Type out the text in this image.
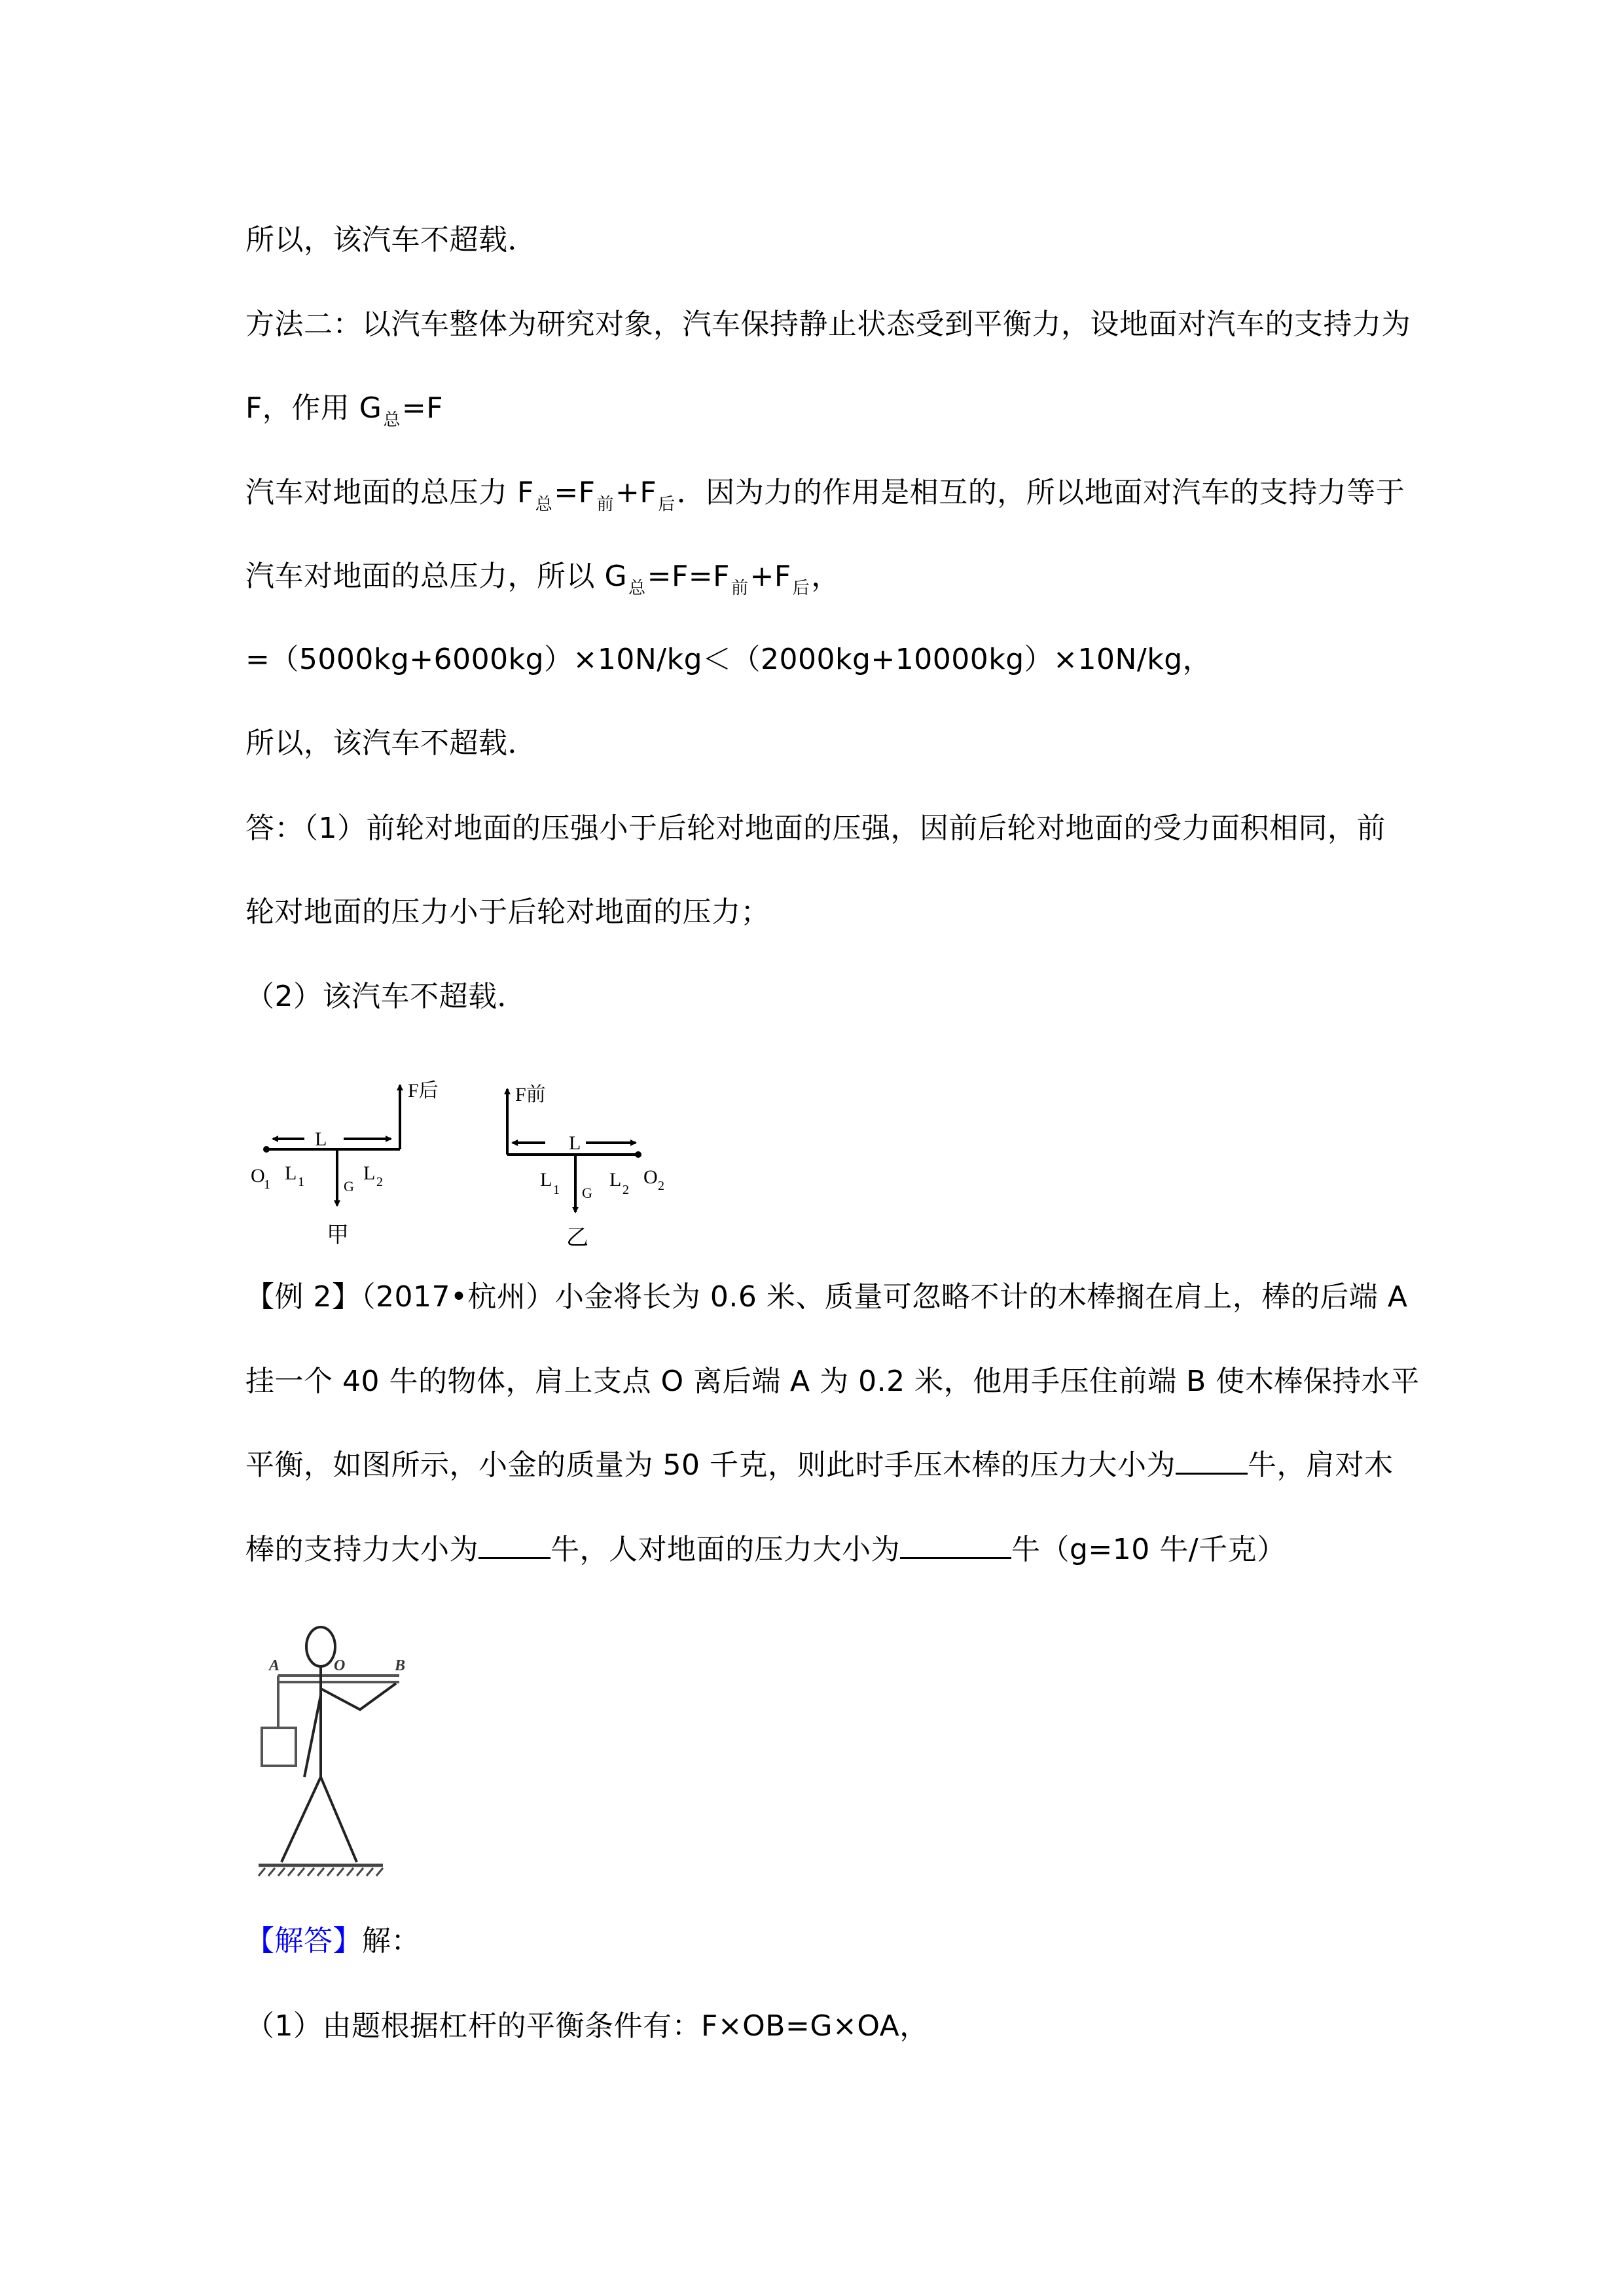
所以，该汽车不超载．
方法二：以汽车整体为研究对象，汽车保持静止状态受到平衡力，设地面对汽车的支持力为
F，作用 $G_总=F$
汽车对地面的总压力 $F_总=F_前+F_后$．因为力的作用是相互的，所以地面对汽车的支持力等于
汽车对地面的总压力，所以 $G_总=F=F_前+F_后$，
=（5000kg+6000kg）×10N/kg＜（2000kg+10000kg）×10N/kg，
所以，该汽车不超载．
答：（1）前轮对地面的压强小于后轮对地面的压强，因前后轮对地面的受力面积相同，前
轮对地面的压力小于后轮对地面的压力；
（2）该汽车不超载．
F后
L
O
1
L 1	G
L 2
甲
F前
L
L 1 G
L 2
O 2
乙
【例 2】（2017•杭州）小金将长为 0.6 米、质量可忽略不计的木棒搁在肩上，棒的后端 A
挂一个 40 牛的物体，肩上支点 O 离后端 A 为 0.2 米，他用手压住前端 B 使木棒保持水平
平衡，如图所示，小金的质量为 50 千克，则此时手压木棒的压力大小为	牛，肩对木
棒的支持力大小为	牛，人对地面的压力大小为	牛（g=10 牛/千克）
A	O	B
【解答】解：
（1）由题根据杠杆的平衡条件有：F×OB=G×OA，
